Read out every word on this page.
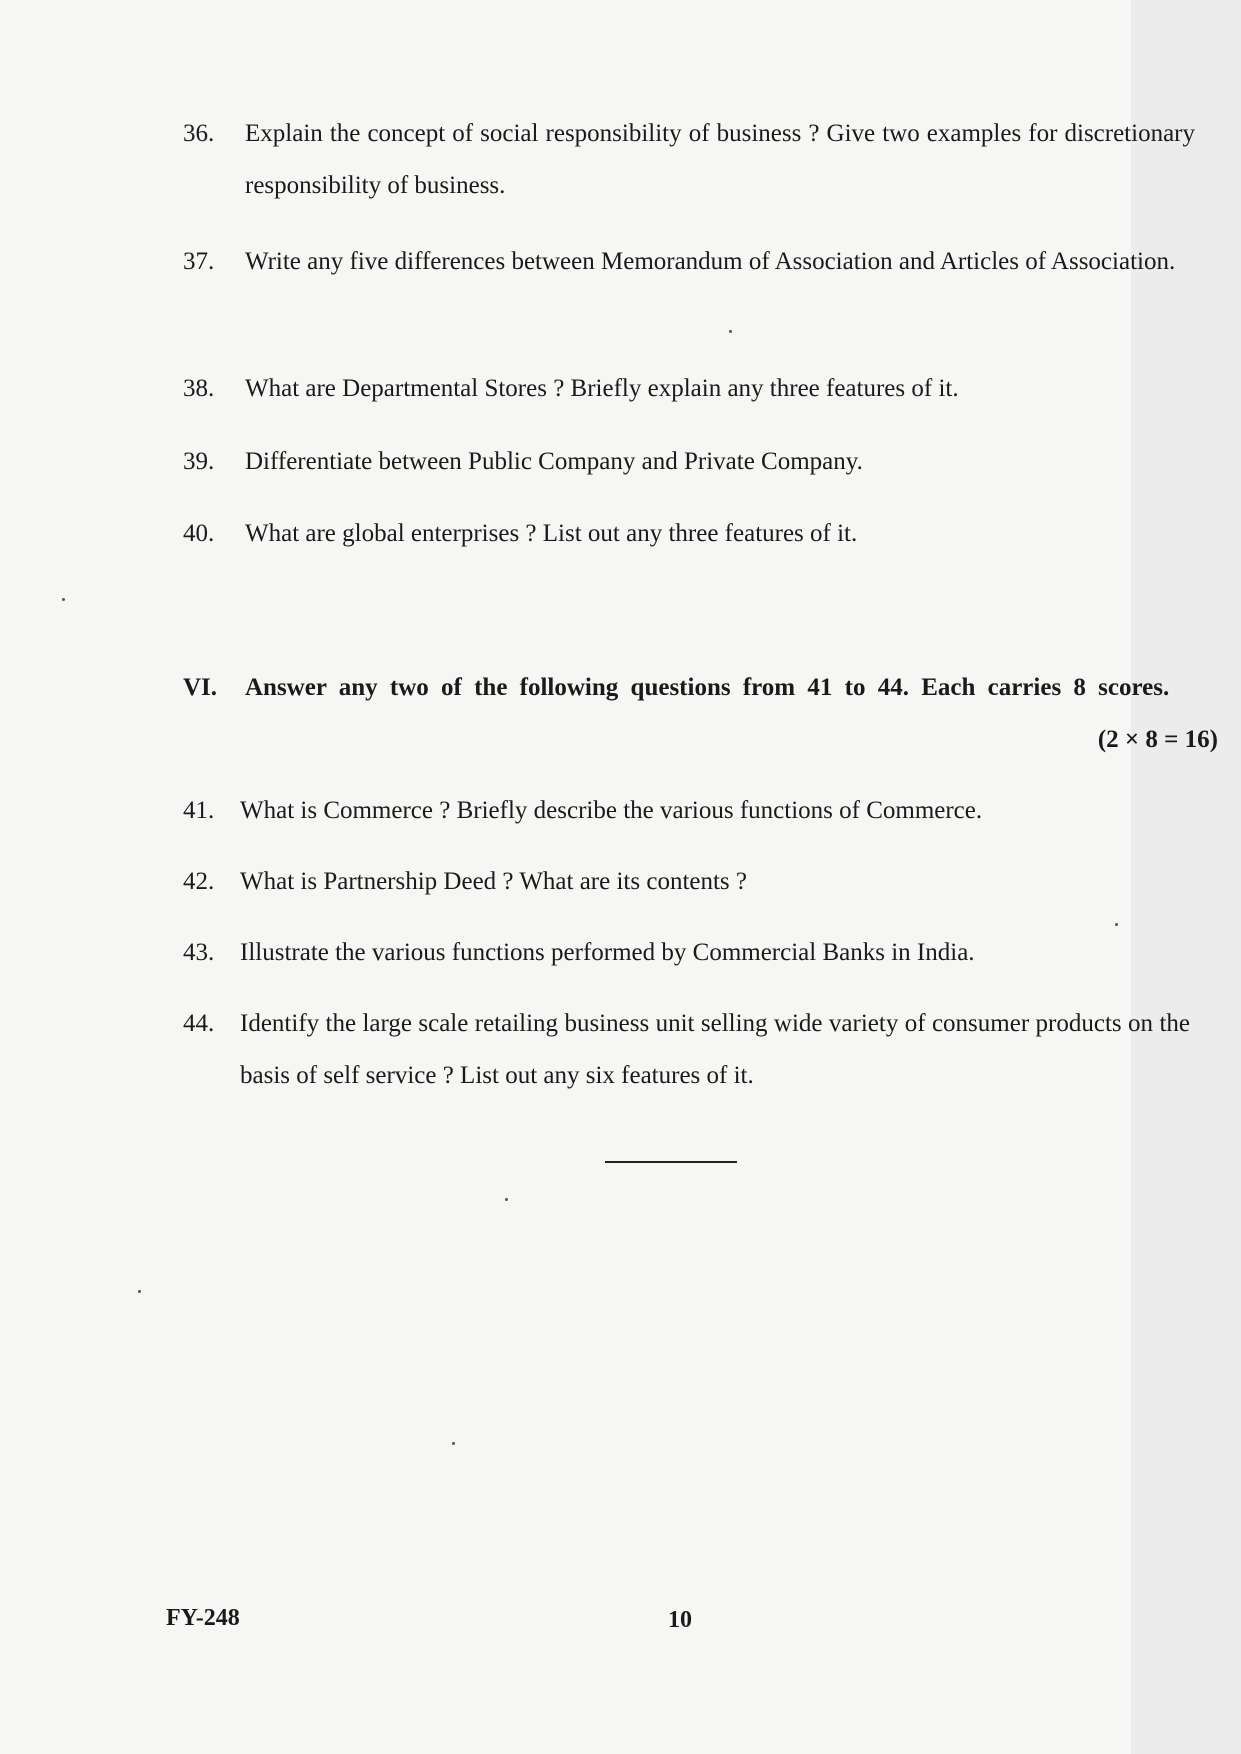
36.	Explain the concept of social responsibility of business ? Give two examples for discretionary responsibility of business.
37.	Write any five differences between Memorandum of Association and Articles of Association.
38.	What are Departmental Stores ? Briefly explain any three features of it.
39.	Differentiate between Public Company and Private Company.
40.	What are global enterprises ? List out any three features of it.
VI. Answer any two of the following questions from 41 to 44. Each carries 8 scores.
(2 × 8 = 16)
41.	What is Commerce ? Briefly describe the various functions of Commerce.
42.	What is Partnership Deed ? What are its contents ?
43.	Illustrate the various functions performed by Commercial Banks in India.
44.	Identify the large scale retailing business unit selling wide variety of consumer products on the basis of self service ? List out any six features of it.
FY-248	10
